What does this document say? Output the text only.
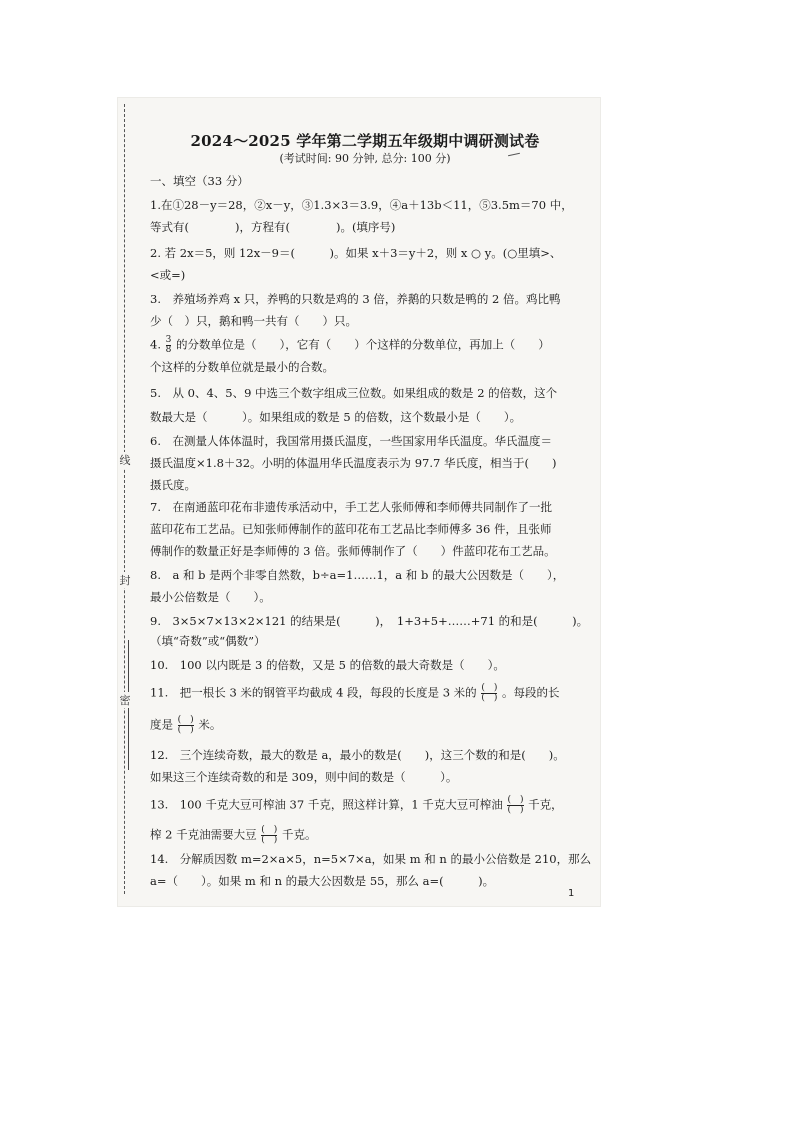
线
封
密
2024～2025 学年第二学期五年级期中调研测试卷
(考试时间: 90 分钟, 总分: 100 分)
一、填空（33 分）
1.在①28－y＝28，②x－y，③1.3×3＝3.9，④a＋13b＜11，⑤3.5m＝70 中，
等式有(　　　　)，方程有(　　　　)。(填序号)
2. 若 2x＝5，则 12x－9＝(　　　)。如果 x＋3＝y＋2，则 x ○ y。(○里填>、
<或=)
3.　养殖场养鸡 x 只，养鸭的只数是鸡的 3 倍，养鹅的只数是鸭的 2 倍。鸡比鸭
少（　）只，鹅和鸭一共有（　　）只。
4. $\frac{3}{8}$ 的分数单位是（　　），它有（　　）个这样的分数单位，再加上（　　）
个这样的分数单位就是最小的合数。
5.　从 0、4、5、9 中选三个数字组成三位数。如果组成的数是 2 的倍数，这个
数最大是（　　　）。如果组成的数是 5 的倍数，这个数最小是（　　）。
6.　在测量人体体温时，我国常用摄氏温度，一些国家用华氏温度。华氏温度＝
摄氏温度×1.8＋32。小明的体温用华氏温度表示为 97.7 华氏度，相当于(　　)
摄氏度。
7.　在南通蓝印花布非遗传承活动中，手工艺人张师傅和李师傅共同制作了一批
蓝印花布工艺品。已知张师傅制作的蓝印花布工艺品比李师傅多 36 件，且张师
傅制作的数量正好是李师傅的 3 倍。张师傅制作了（　　）件蓝印花布工艺品。
8.　a 和 b 是两个非零自然数，b÷a=1……1，a 和 b 的最大公因数是（　　），
最小公倍数是（　　）。
9.　3×5×7×13×2×121 的结果是(　　　)，　1+3+5+……+71 的和是(　　　)。
（填“奇数”或“偶数”）
10.　100 以内既是 3 的倍数，又是 5 的倍数的最大奇数是（　　）。
11.　把一根长 3 米的钢管平均截成 4 段，每段的长度是 3 米的 $\frac{( )}{( )}$ 。每段的长
度是 $\frac{( )}{( )}$ 米。
12.　三个连续奇数，最大的数是 a，最小的数是(　　)，这三个数的和是(　　)。
如果这三个连续奇数的和是 309，则中间的数是（　　　）。
13.　100 千克大豆可榨油 37 千克，照这样计算，1 千克大豆可榨油 $\frac{( )}{( )}$ 千克，
榨 2 千克油需要大豆 $\frac{( )}{( )}$ 千克。
14.　分解质因数 m=2×a×5，n=5×7×a，如果 m 和 n 的最小公倍数是 210，那么
a=（　　）。如果 m 和 n 的最大公因数是 55，那么 a=(　　　)。
1
